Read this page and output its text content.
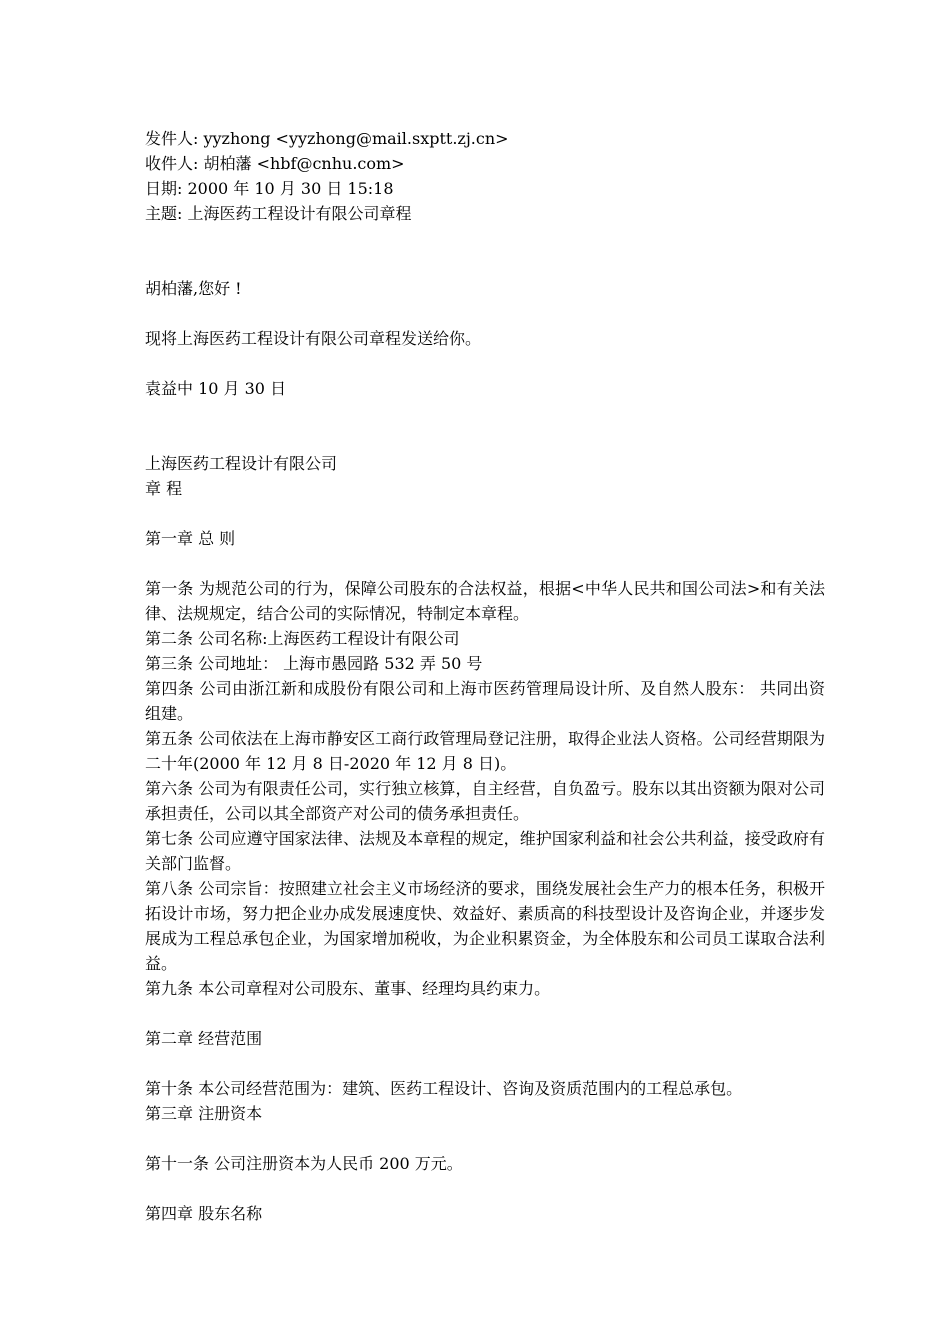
发件人: yyzhong <yyzhong@mail.sxptt.zj.cn>
收件人: 胡柏藩 <hbf@cnhu.com>
日期: 2000 年 10 月 30 日 15:18
主题: 上海医药工程设计有限公司章程
胡柏藩,您好 !
现将上海医药工程设计有限公司章程发送给你。
袁益中 10 月 30 日
上海医药工程设计有限公司
章 程
第一章 总 则
第一条 为规范公司的行为，保障公司股东的合法权益，根据<中华人民共和国公司法>和有关法律、法规规定，结合公司的实际情况，特制定本章程。
第二条 公司名称:上海医药工程设计有限公司
第三条 公司地址： 上海市愚园路 532 弄 50 号
第四条 公司由浙江新和成股份有限公司和上海市医药管理局设计所、及自然人股东： 共同出资组建。
第五条 公司依法在上海市静安区工商行政管理局登记注册，取得企业法人资格。公司经营期限为二十年(2000 年 12 月 8 日-2020 年 12 月 8 日)。
第六条 公司为有限责任公司，实行独立核算，自主经营，自负盈亏。股东以其出资额为限对公司承担责任，公司以其全部资产对公司的债务承担责任。
第七条 公司应遵守国家法律、法规及本章程的规定，维护国家利益和社会公共利益，接受政府有关部门监督。
第八条 公司宗旨：按照建立社会主义市场经济的要求，围绕发展社会生产力的根本任务，积极开拓设计市场，努力把企业办成发展速度快、效益好、素质高的科技型设计及咨询企业，并逐步发展成为工程总承包企业，为国家增加税收，为企业积累资金，为全体股东和公司员工谋取合法利益。
第九条 本公司章程对公司股东、董事、经理均具约束力。
第二章 经营范围
第十条 本公司经营范围为：建筑、医药工程设计、咨询及资质范围内的工程总承包。
第三章 注册资本
第十一条 公司注册资本为人民币 200 万元。
第四章 股东名称
